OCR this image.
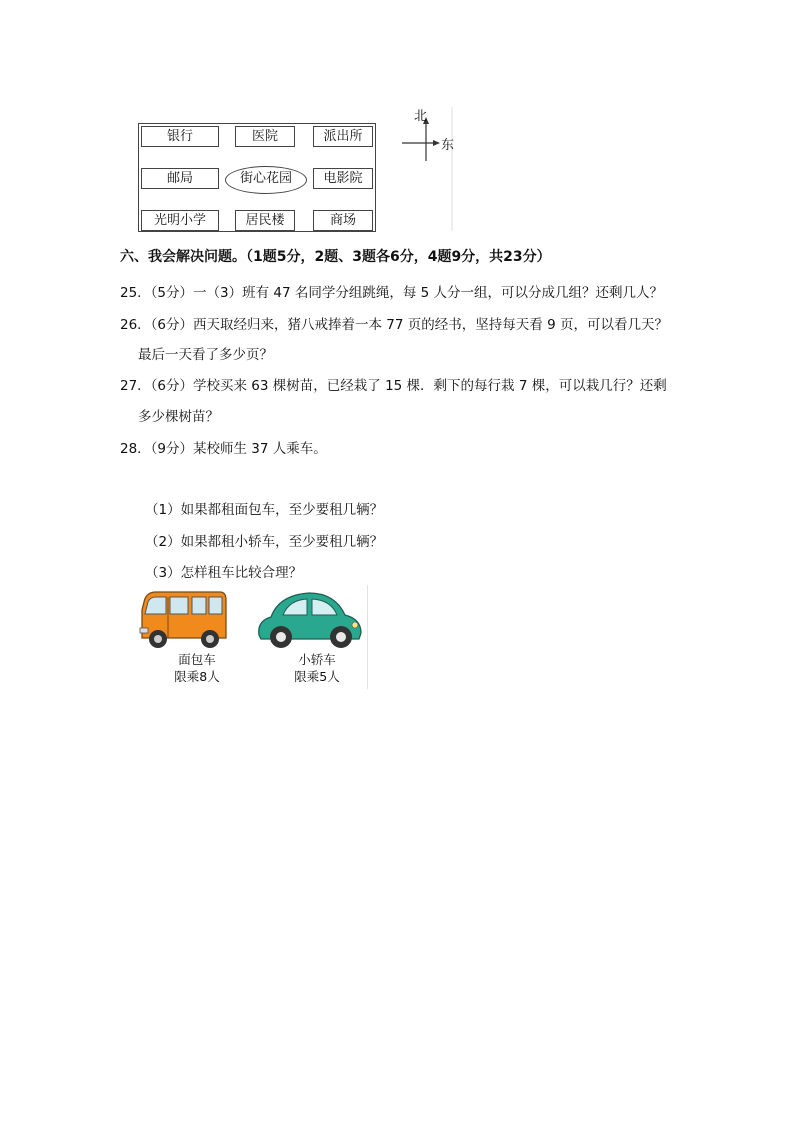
银行	医院	派出所
邮局	街心花园	电影院
光明小学	居民楼	商场
北
东
六、我会解决问题。（1题5分，2题、3题各6分，4题9分，共23分）
25．（5分）一（3）班有 47 名同学分组跳绳，每 5 人分一组，可以分成几组？还剩几人？
26．（6分）西天取经归来，猪八戒捧着一本 77 页的经书，坚持每天看 9 页，可以看几天？
最后一天看了多少页？
27．（6分）学校买来 63 棵树苗，已经栽了 15 棵．剩下的每行栽 7 棵，可以栽几行？还剩
多少棵树苗？
28．（9分）某校师生 37 人乘车。
（1）如果都租面包车，至少要租几辆？
（2）如果都租小轿车，至少要租几辆？
（3）怎样租车比较合理？
面包车
限乘8人
小轿车
限乘5人
